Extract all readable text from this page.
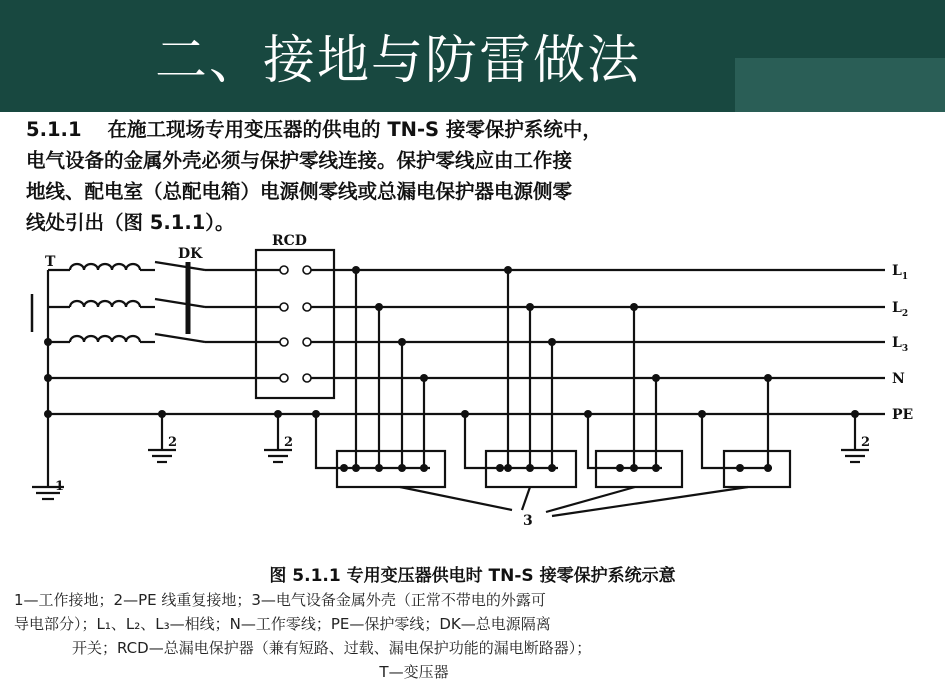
二、接地与防雷做法

5.1.1 在施工现场专用变压器的供电的 TN-S 接零保护系统中，

电气设备的金属外壳必须与保护零线连接。保护零线应由工作接

地线、配电室（总配电箱）电源侧零线或总漏电保护器电源侧零

线处引出（图 5.1.1）。

T	DK
RCD
$L_1$
$L_2$
$L_3$
N
PE
1
2	2	2
3
图 5.1.1 专用变压器供电时 TN-S 接零保护系统示意

1—工作接地；2—PE 线重复接地；3—电气设备金属外壳（正常不带电的外露可

导电部分）；L₁、L₂、L₃—相线；N—工作零线；PE—保护零线；DK—总电源隔离

开关；RCD—总漏电保护器（兼有短路、过载、漏电保护功能的漏电断路器）；

T—变压器
